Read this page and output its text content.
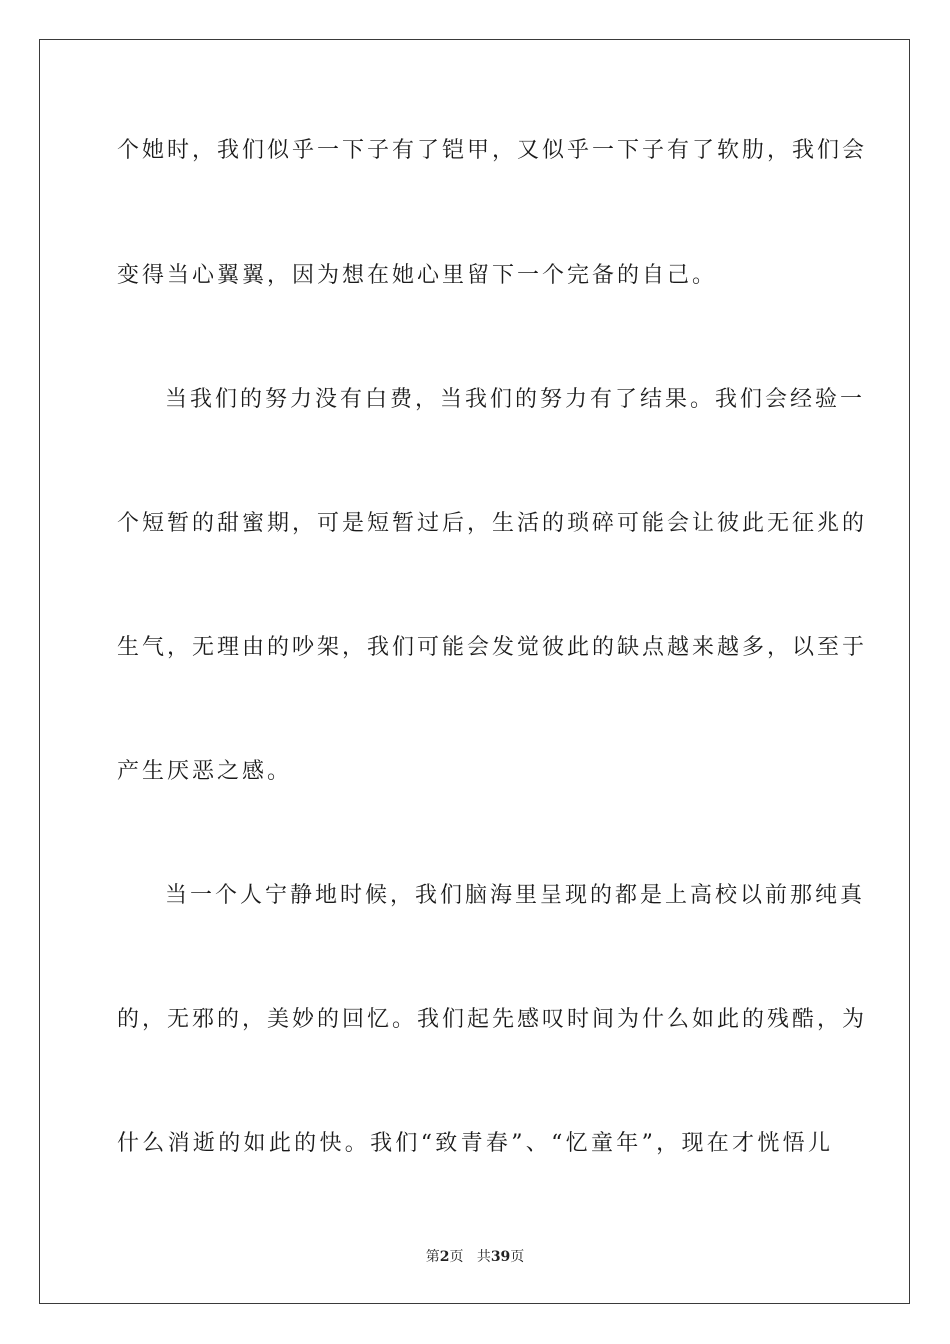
个她时，我们似乎一下子有了铠甲，又似乎一下子有了软肋，我们会
变得当心翼翼，因为想在她心里留下一个完备的自己。
当我们的努力没有白费，当我们的努力有了结果。我们会经验一
个短暂的甜蜜期，可是短暂过后，生活的琐碎可能会让彼此无征兆的
生气，无理由的吵架，我们可能会发觉彼此的缺点越来越多，以至于
产生厌恶之感。
当一个人宁静地时候，我们脑海里呈现的都是上高校以前那纯真
的，无邪的，美妙的回忆。我们起先感叹时间为什么如此的残酷，为
什么消逝的如此的快。我们“致青春”、“忆童年”，现在才恍悟儿
第2页 共39页
